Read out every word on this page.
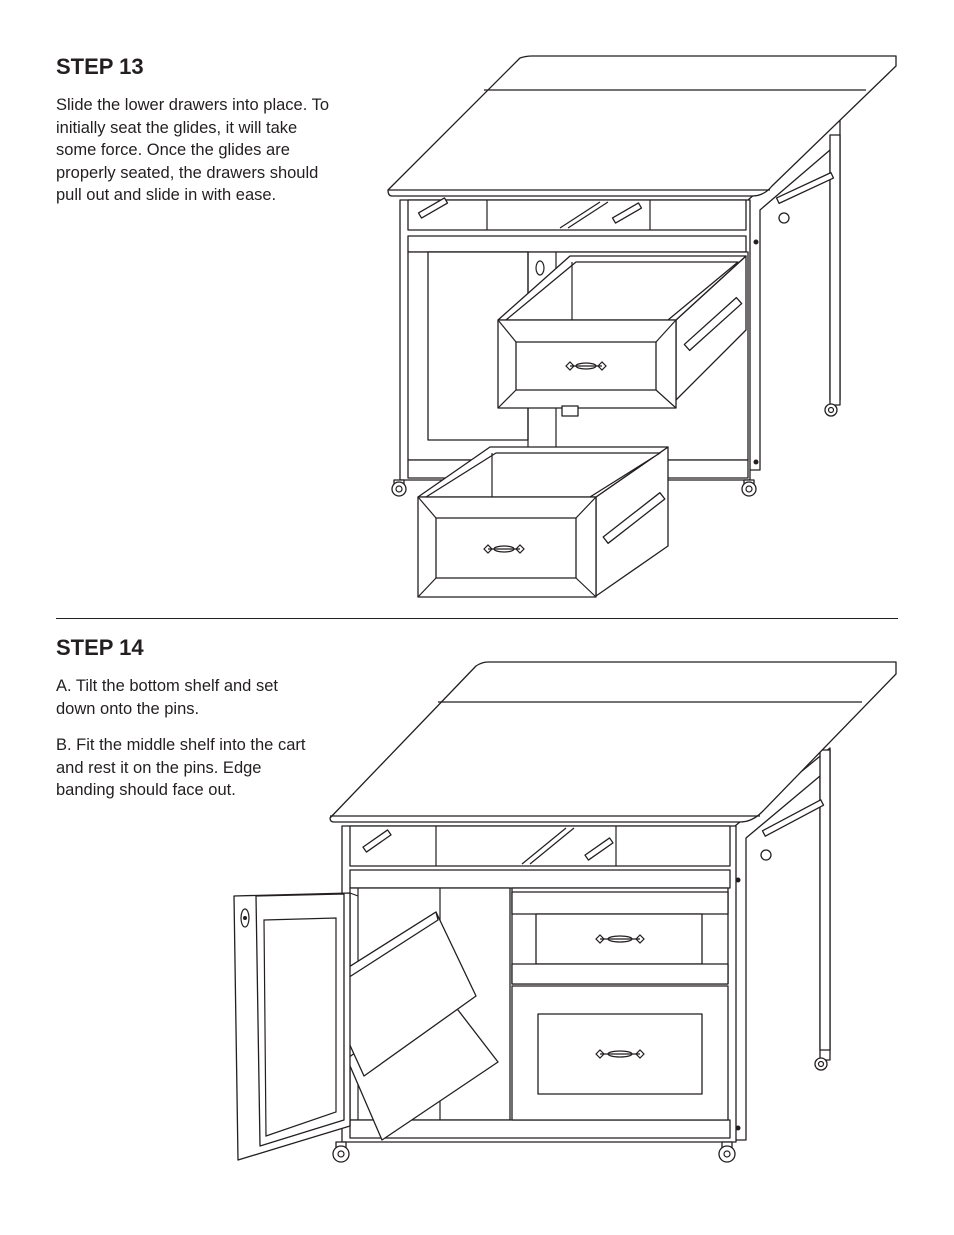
STEP 13

Slide the lower drawers into place. To initially seat the glides, it will take some force. Once the glides are properly seated, the drawers should pull out and slide in with ease.

STEP 14

A. Tilt the bottom shelf and set down onto the pins.

B. Fit the middle shelf into the cart and rest it on the pins. Edge banding should face out.
